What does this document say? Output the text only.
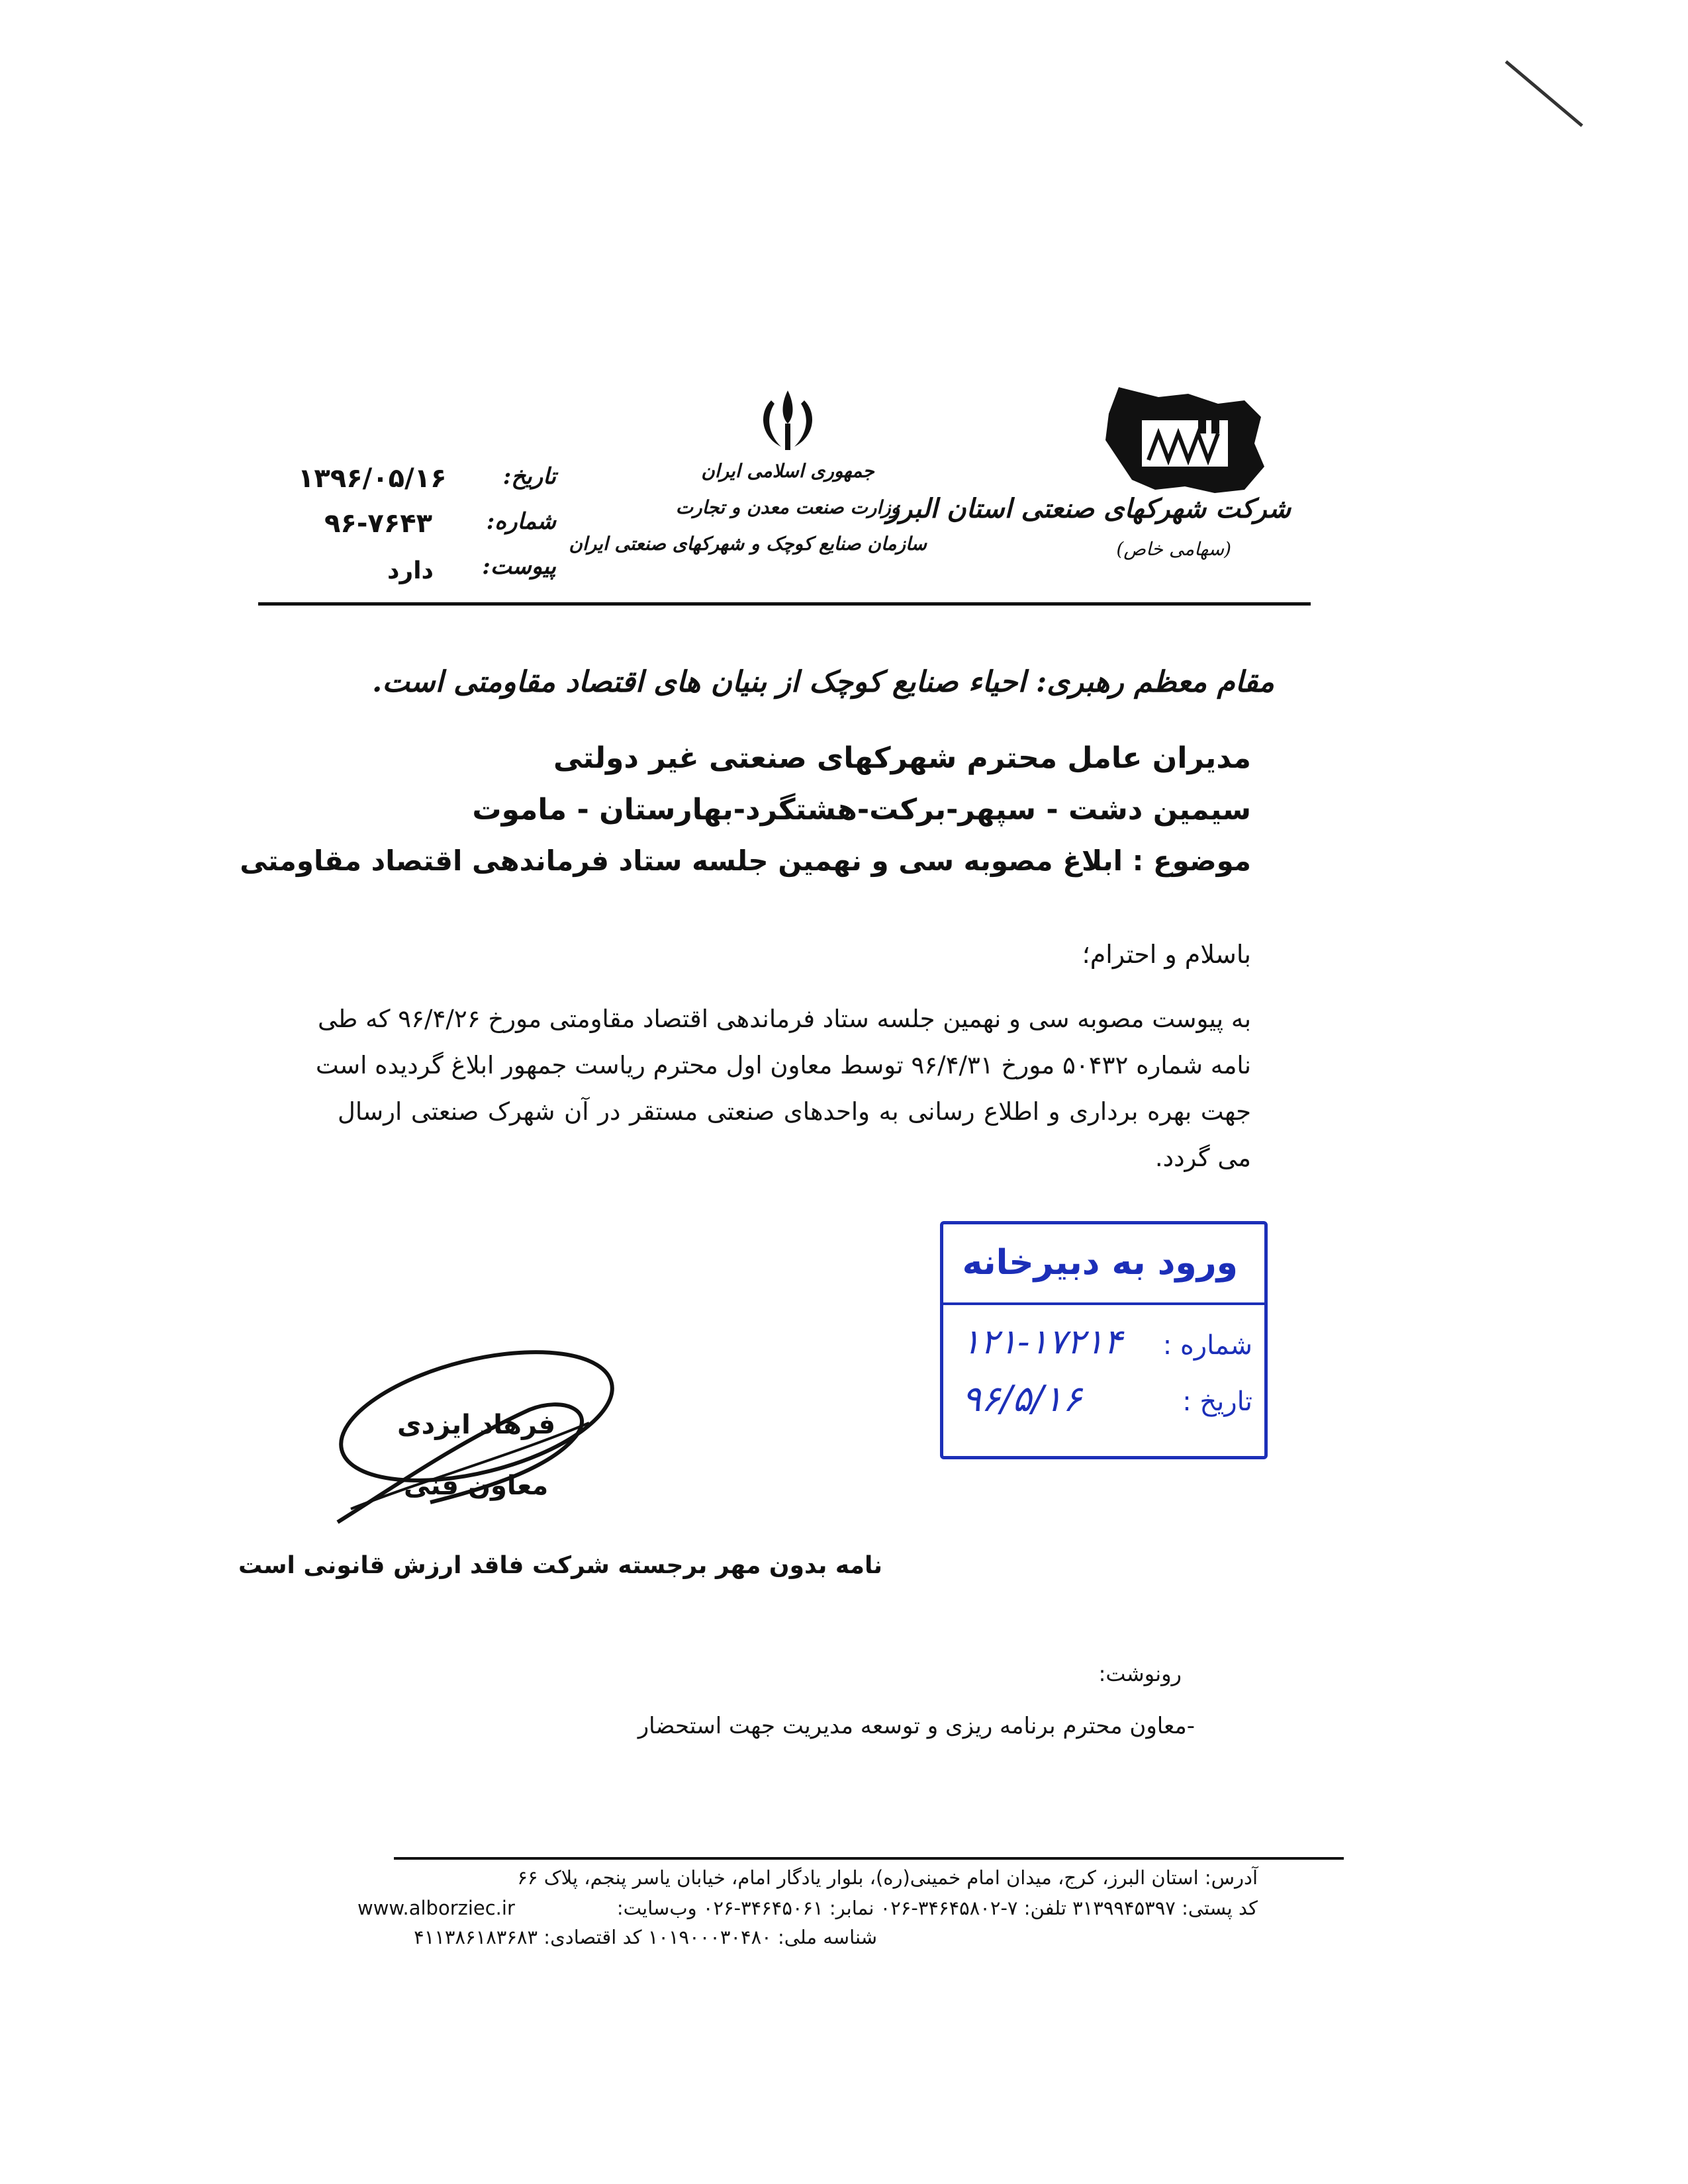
شرکت شهرکهای صنعتی استان البرز
(سهامی خاص)
جمهوری اسلامی ایران
وزارت صنعت معدن و تجارت
سازمان صنایع کوچک و شهرکهای صنعتی ایران
تاریخ:
۱۳۹۶/۰۵/۱۶
شماره:
۹۶-۷۶۴۳
پیوست:
دارد
مقام معظم رهبری: احیاء صنایع کوچک از بنیان های اقتصاد مقاومتی است.
مدیران عامل محترم شهرکهای صنعتی غیر دولتی
سیمین دشت - سپهر-برکت-هشتگرد-بهارستان - ماموت
موضوع : ابلاغ مصوبه سی و نهمین جلسه ستاد فرماندهی اقتصاد مقاومتی
باسلام و احترام؛
به پیوست مصوبه سی و نهمین جلسه ستاد فرماندهی اقتصاد مقاومتی مورخ ۹۶/۴/۲۶ که طی
نامه شماره ۵۰۴۳۲ مورخ ۹۶/۴/۳۱ توسط معاون اول محترم ریاست جمهور ابلاغ گردیده است
جهت بهره برداری و اطلاع رسانی به واحدهای صنعتی مستقر در آن شهرک صنعتی ارسال
می گردد.
ورود به دبیرخانه
شماره :
۱۲۱-۱۷۲۱۴
تاریخ :
۹۶/۵/۱۶
فرهاد ایزدی
معاون فنی
نامه بدون مهر برجسته شرکت فاقد ارزش قانونی است
رونوشت:
-معاون محترم برنامه ریزی و توسعه مدیریت جهت استحضار
آدرس: استان البرز، کرج، میدان امام خمینی(ره)، بلوار یادگار امام، خیابان یاسر پنجم، پلاک ۶۶
www.alborziec.ir	کد پستی: ۳۱۳۹۹۴۵۳۹۷ تلفن: ۷-۳۴۶۴۵۸۰۲-۰۲۶ نمابر: ۳۴۶۴۵۰۶۱-۰۲۶ وب‌سایت:
شناسه ملی: ۱۰۱۹۰۰۰۳۰۴۸۰ کد اقتصادی: ۴۱۱۳۸۶۱۸۳۶۸۳
